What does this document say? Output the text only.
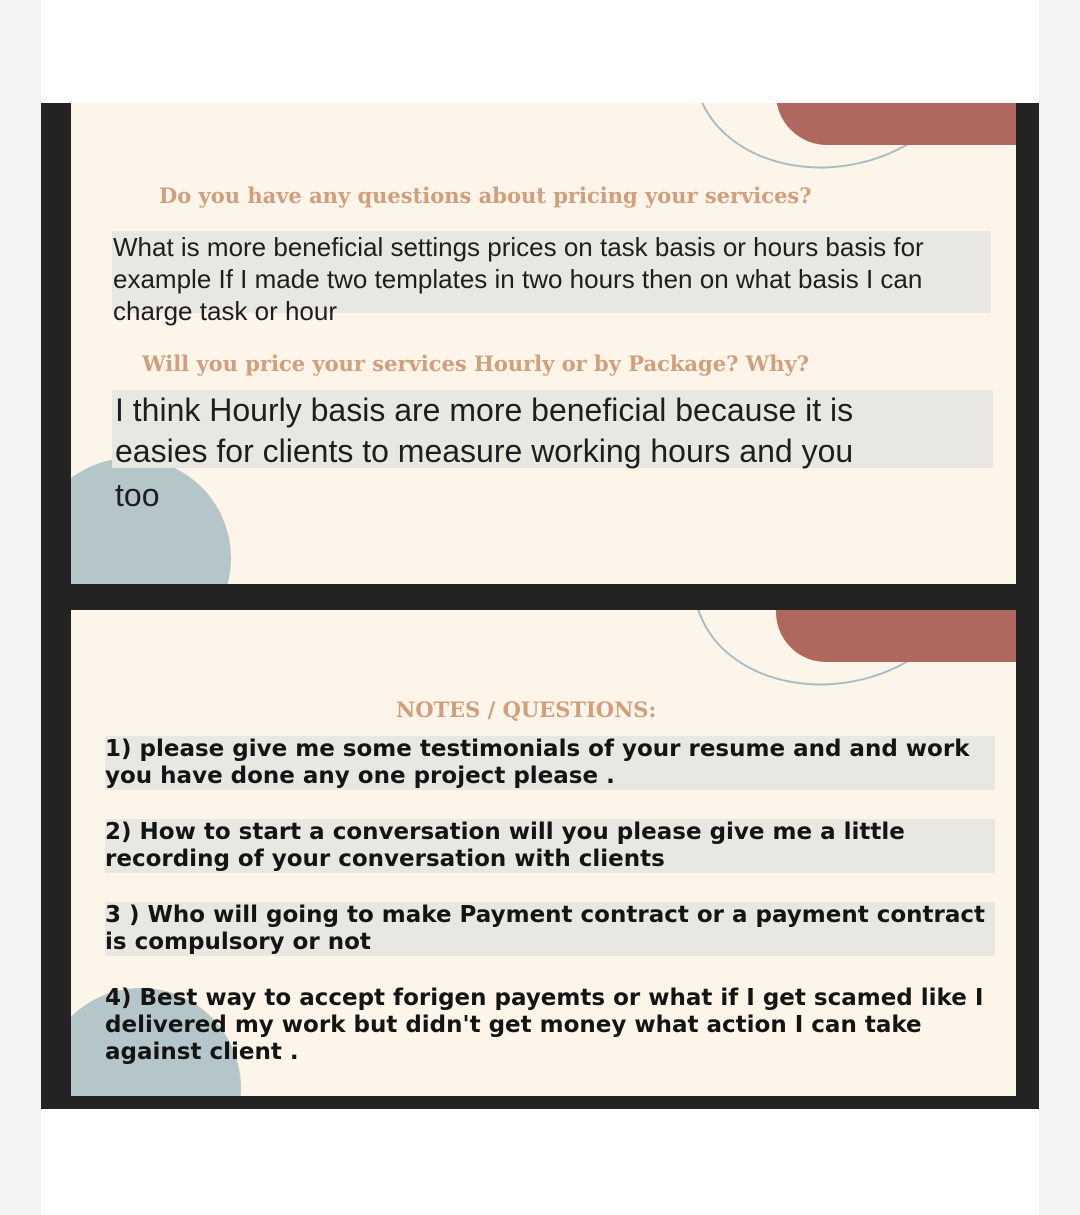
Do you have any questions about pricing your services?
What is more beneficial settings prices on task basis or hours basis for example If I made two templates in two hours then on what basis I can charge task or hour
Will you price your services Hourly or by Package? Why?
I think Hourly basis are more beneficial because it is
easies for clients to measure working hours and you
too
NOTES / QUESTIONS:
1) please give me some testimonials of your resume and and work you have done any one project please .
2) How to start a conversation will you please give me a little recording of your conversation with clients
3 ) Who will going to make Payment contract or a payment contract is compulsory or not
4) Best way to accept forigen payemts or what if I get scamed like I delivered my work but didn't get money what action I can take against client .
